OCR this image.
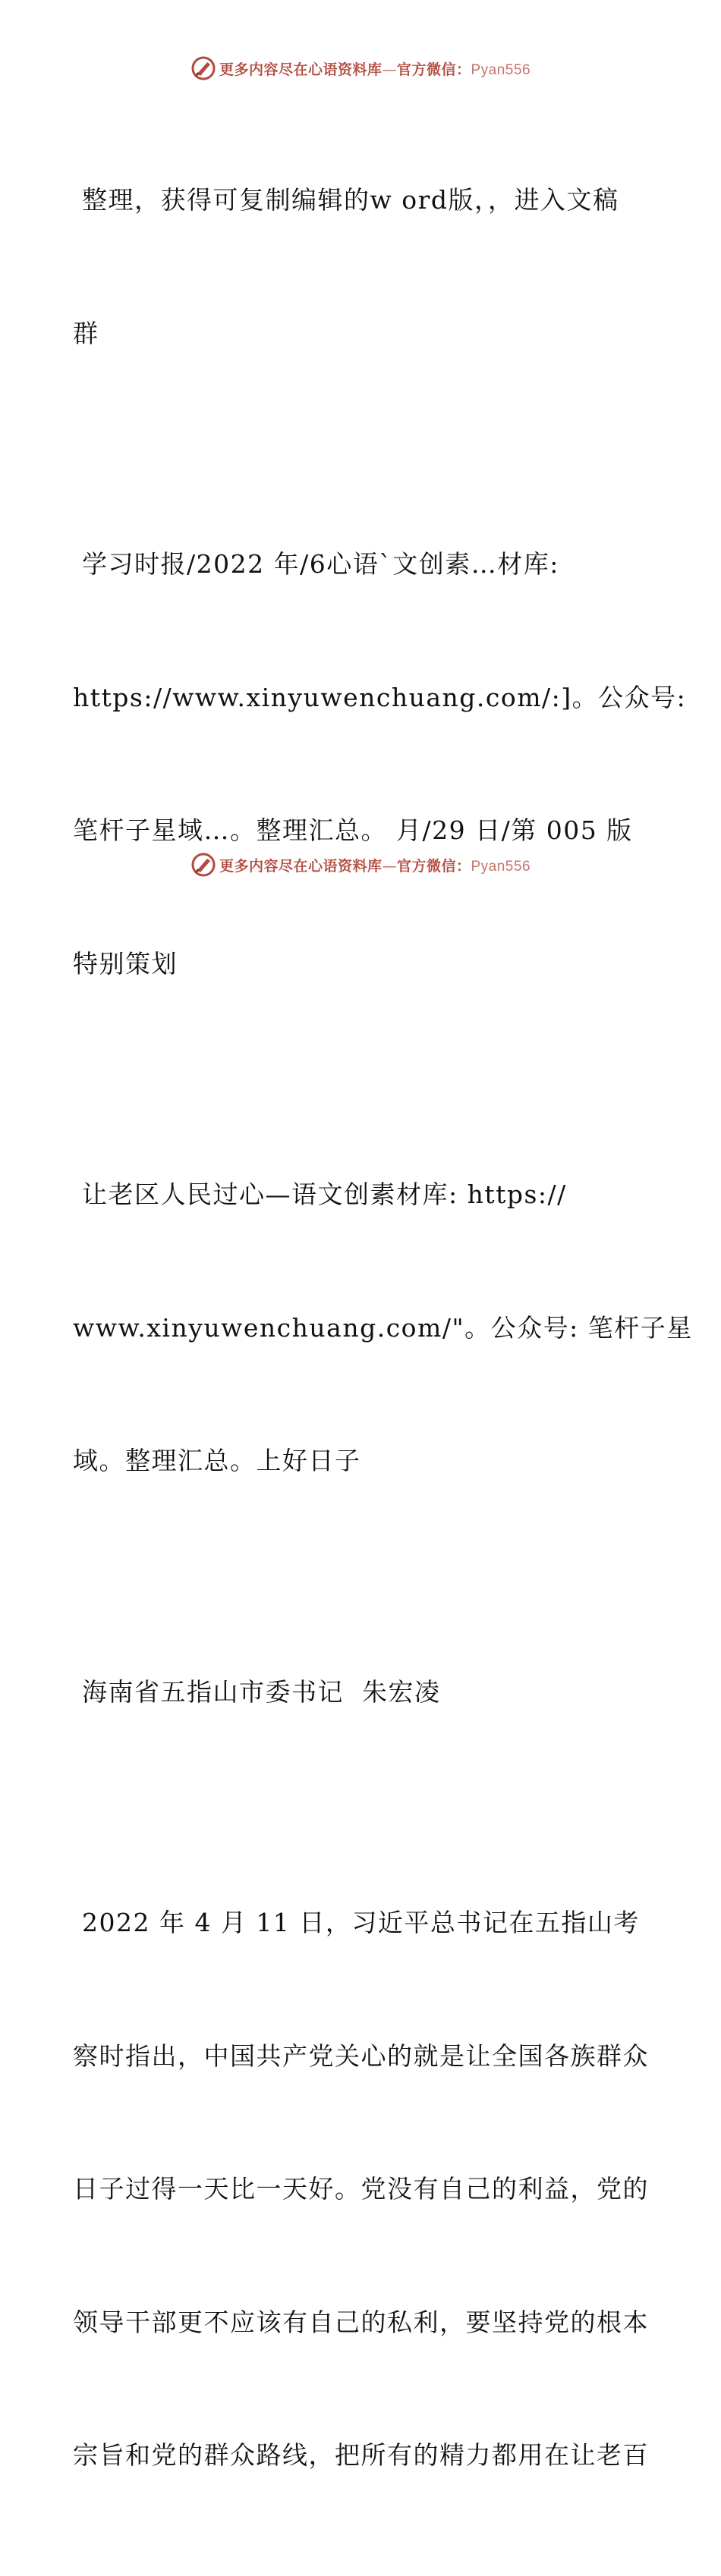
更多内容尽在心语资料库—官方微信：Pyan556

整理，获得可复制编辑的w ord版，，进入文稿

群

学习时报/2022 年/6心语`文创素…材库:

https://www.xinyuwenchuang.com/:]。公众号:

笔杆子星域…。整理汇总。 月/29 日/第 005 版

特别策划

让老区人民过心—语文创素材库: https://

www.xinyuwenchuang.com/"。公众号: 笔杆子星

域。整理汇总。上好日子

海南省五指山市委书记  朱宏凌

2022 年 4 月 11 日，习近平总书记在五指山考

察时指出，中国共产党关心的就是让全国各族群众

日子过得一天比一天好。党没有自己的利益，党的

领导干部更不应该有自己的私利，要坚持党的根本

宗旨和党的群众路线，把所有的精力都用在让老百

更多内容尽在心语资料库—官方微信：Pyan556
